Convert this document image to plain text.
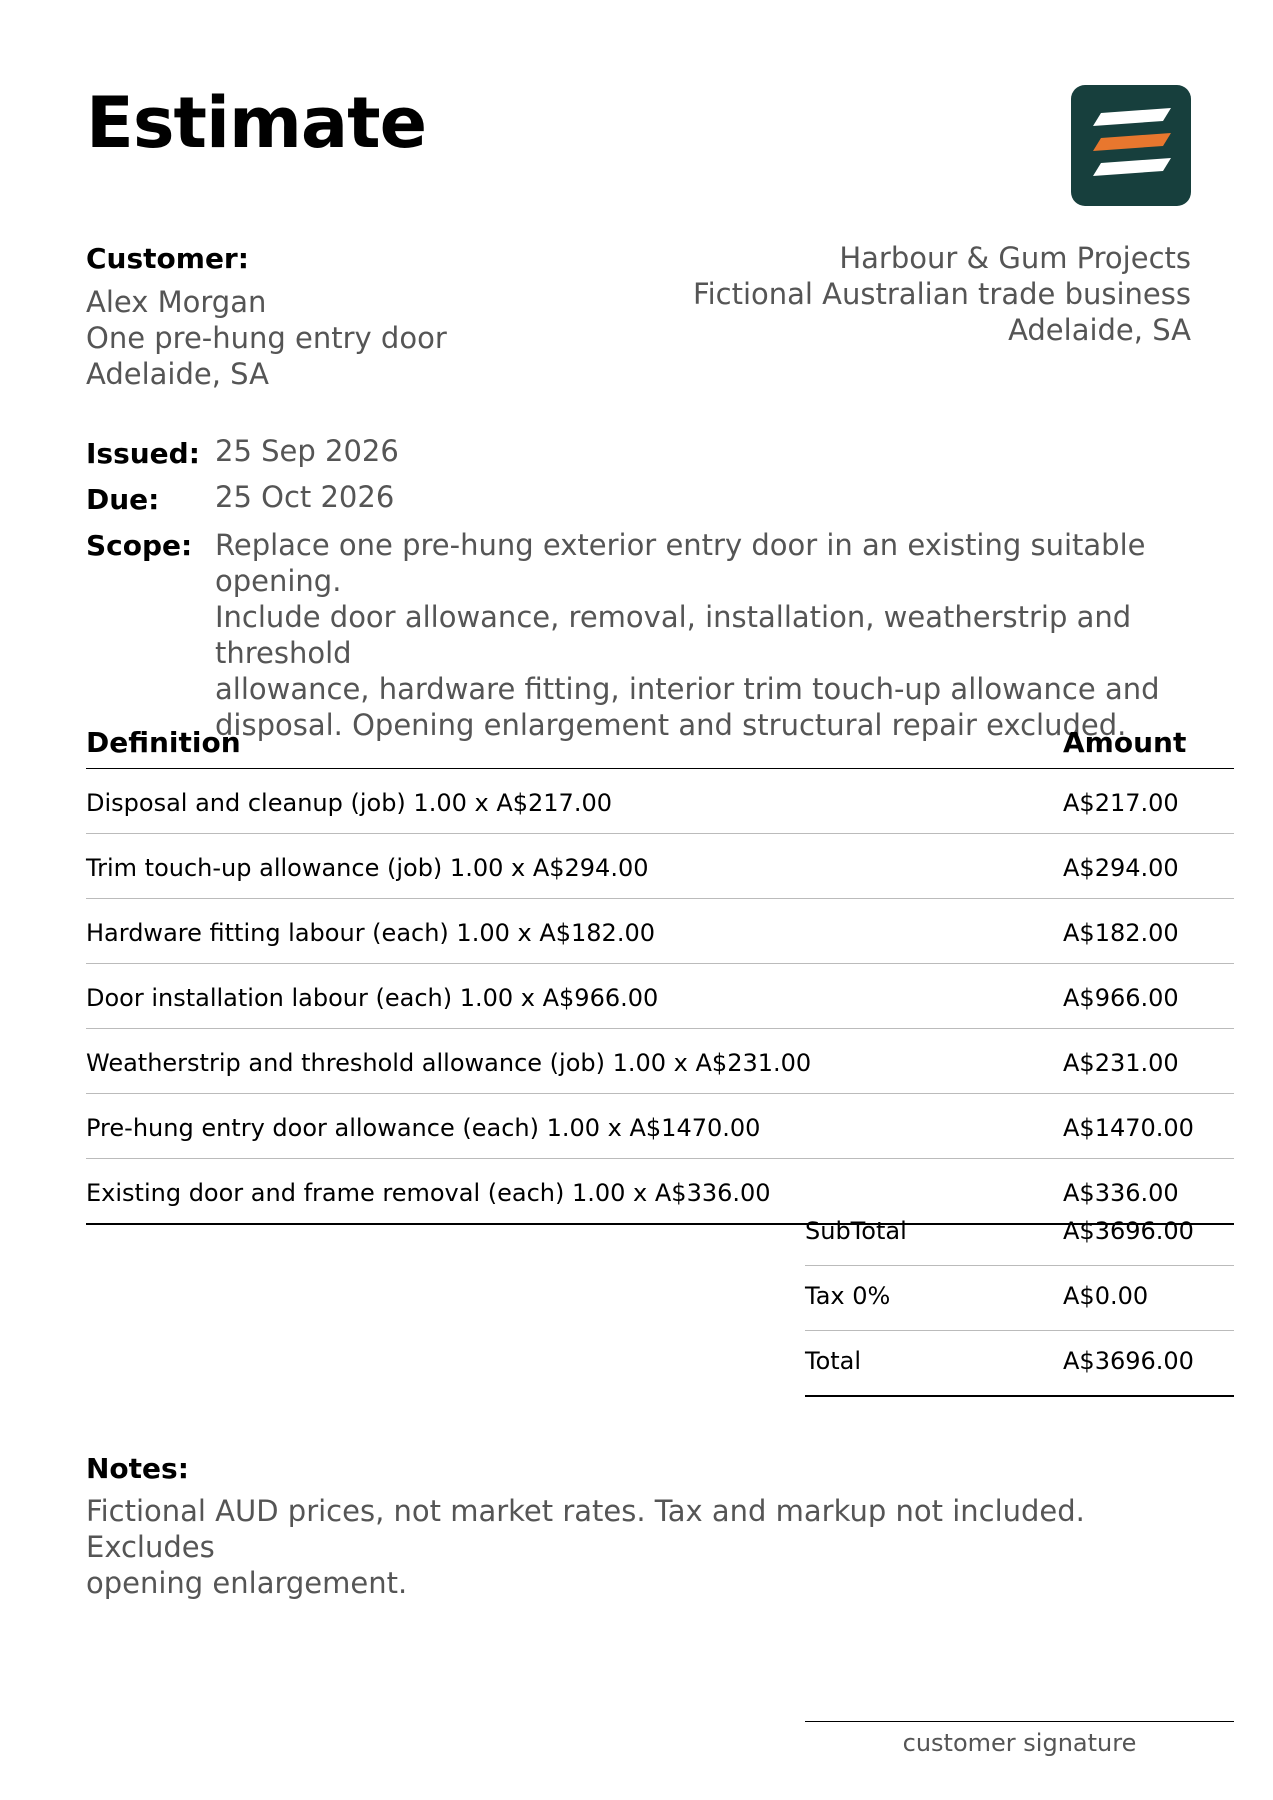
Estimate
Customer:
Alex Morgan
One pre-hung entry door
Adelaide, SA
Harbour & Gum Projects
Fictional Australian trade business
Adelaide, SA
Issued: 25 Sep 2026
Due: 25 Oct 2026
Scope: Replace one pre-hung exterior entry door in an existing suitable opening.
Include door allowance, removal, installation, weatherstrip and threshold
allowance, hardware fitting, interior trim touch-up allowance and
disposal. Opening enlargement and structural repair excluded.
Definition	Amount
Disposal and cleanup (job) 1.00 x A$217.00	A$217.00
Trim touch-up allowance (job) 1.00 x A$294.00	A$294.00
Hardware fitting labour (each) 1.00 x A$182.00	A$182.00
Door installation labour (each) 1.00 x A$966.00	A$966.00
Weatherstrip and threshold allowance (job) 1.00 x A$231.00	A$231.00
Pre-hung entry door allowance (each) 1.00 x A$1470.00	A$1470.00
Existing door and frame removal (each) 1.00 x A$336.00	A$336.00
SubTotal	A$3696.00
Tax 0%	A$0.00
Total	A$3696.00
Notes:
Fictional AUD prices, not market rates. Tax and markup not included. Excludes
opening enlargement.
customer signature
